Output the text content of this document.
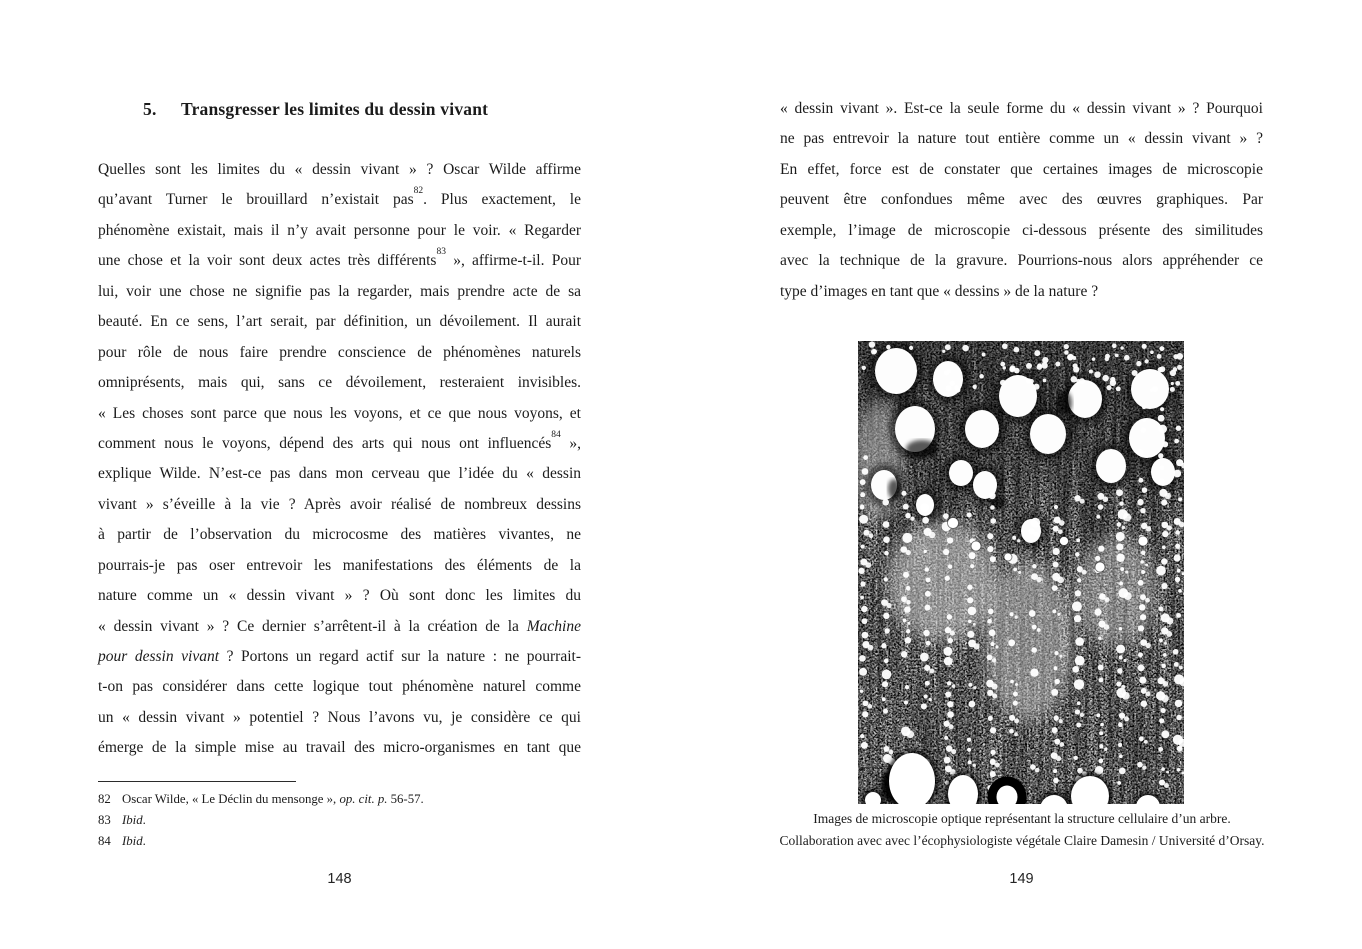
5.	Transgresser les limites du dessin vivant
Quelles sont les limites du « dessin vivant » ? Oscar Wilde affirme
qu’avant Turner le brouillard n’existait pas$^{82}$. Plus exactement, le
phénomène existait, mais il n’y avait personne pour le voir. « Regarder
une chose et la voir sont deux actes très différents$^{83}$ », affirme-t-il. Pour
lui, voir une chose ne signifie pas la regarder, mais prendre acte de sa
beauté. En ce sens, l’art serait, par définition, un dévoilement. Il aurait
pour rôle de nous faire prendre conscience de phénomènes naturels
omniprésents, mais qui, sans ce dévoilement, resteraient invisibles.
« Les choses sont parce que nous les voyons, et ce que nous voyons, et
comment nous le voyons, dépend des arts qui nous ont influencés$^{84}$ »,
explique Wilde. N’est-ce pas dans mon cerveau que l’idée du « dessin
vivant » s’éveille à la vie ? Après avoir réalisé de nombreux dessins
à partir de l’observation du microcosme des matières vivantes, ne
pourrais-je pas oser entrevoir les manifestations des éléments de la
nature comme un « dessin vivant » ? Où sont donc les limites du
« dessin vivant » ? Ce dernier s’arrêtent-il à la création de la Machine
pour dessin vivant ? Portons un regard actif sur la nature : ne pourrait-
t-on pas considérer dans cette logique tout phénomène naturel comme
un « dessin vivant » potentiel ? Nous l’avons vu, je considère ce qui
émerge de la simple mise au travail des micro-organismes en tant que
82 Oscar Wilde, « Le Déclin du mensonge », op. cit. p. 56-57.
83 Ibid.
84 Ibid.
148
« dessin vivant ». Est-ce la seule forme du « dessin vivant » ? Pourquoi
ne pas entrevoir la nature tout entière comme un « dessin vivant » ?
En effet, force est de constater que certaines images de microscopie
peuvent être confondues même avec des œuvres graphiques. Par
exemple, l’image de microscopie ci-dessous présente des similitudes
avec la technique de la gravure. Pourrions-nous alors appréhender ce
type d’images en tant que « dessins » de la nature ?
Images de microscopie optique représentant la structure cellulaire d’un arbre.
Collaboration avec avec l’écophysiologiste végétale Claire Damesin / Université d’Orsay.
149
